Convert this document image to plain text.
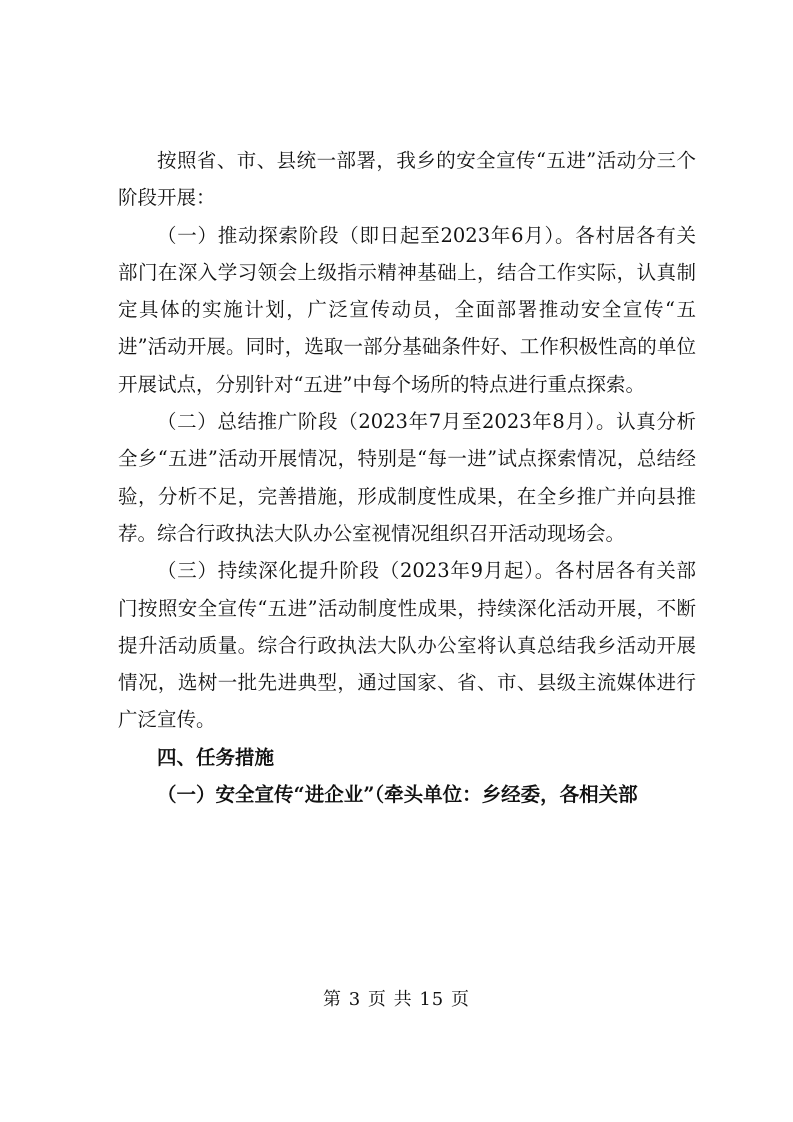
按照省、市、县统一部署，我乡的安全宣传“五进”活动分三个阶段开展：

（一）推动探索阶段（即日起至2023年6月）。各村居各有关部门在深入学习领会上级指示精神基础上，结合工作实际，认真制定具体的实施计划，广泛宣传动员，全面部署推动安全宣传“五进”活动开展。同时，选取一部分基础条件好、工作积极性高的单位开展试点，分别针对“五进”中每个场所的特点进行重点探索。

（二）总结推广阶段（2023年7月至2023年8月）。认真分析全乡“五进”活动开展情况，特别是“每一进”试点探索情况，总结经验，分析不足，完善措施，形成制度性成果，在全乡推广并向县推荐。综合行政执法大队办公室视情况组织召开活动现场会。

（三）持续深化提升阶段（2023年9月起）。各村居各有关部门按照安全宣传“五进”活动制度性成果，持续深化活动开展，不断提升活动质量。综合行政执法大队办公室将认真总结我乡活动开展情况，选树一批先进典型，通过国家、省、市、县级主流媒体进行广泛宣传。

四、任务措施

（一）安全宣传“进企业”（牵头单位：乡经委，各相关部

第 3 页 共 15 页
